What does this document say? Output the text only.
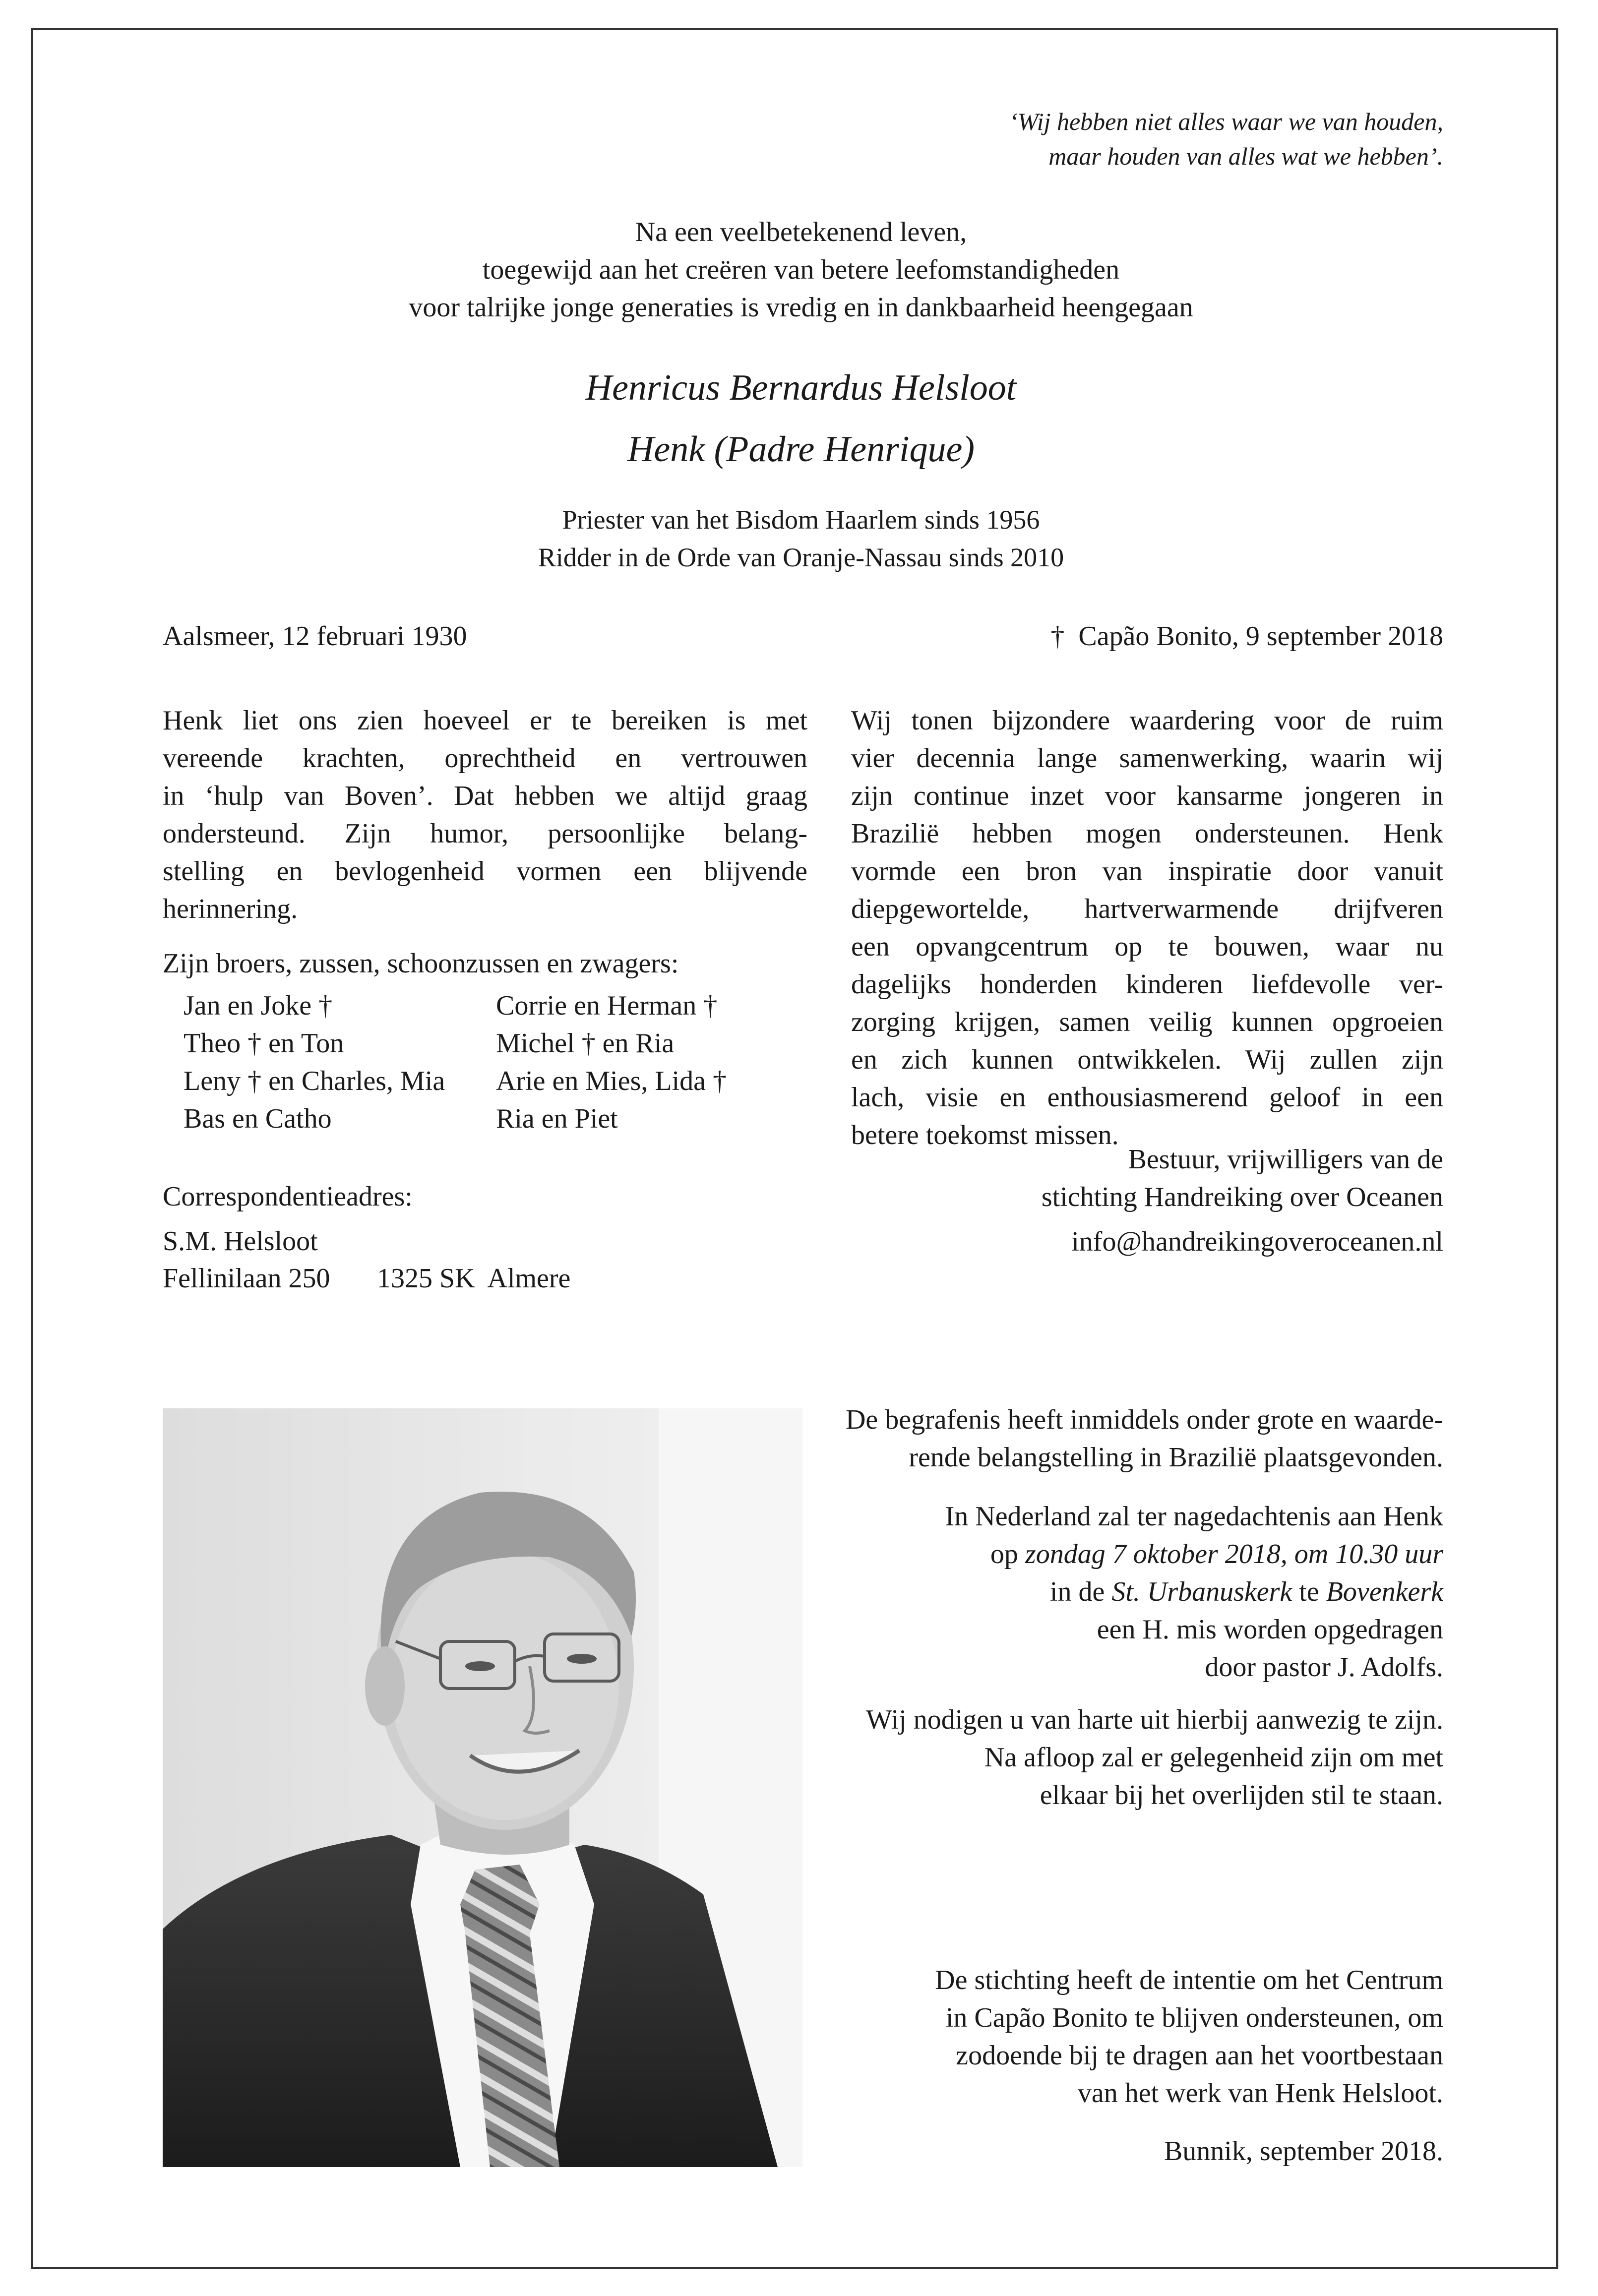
‘Wij hebben niet alles waar we van houden,
maar houden van alles wat we hebben’.
Na een veelbetekenend leven,
toegewijd aan het creëren van betere leefomstandigheden
voor talrijke jonge generaties is vredig en in dankbaarheid heengegaan
Henricus Bernardus Helsloot
Henk (Padre Henrique)
Priester van het Bisdom Haarlem sinds 1956
Ridder in de Orde van Oranje-Nassau sinds 2010
Aalsmeer, 12 februari 1930	† Capão Bonito, 9 september 2018
Henk liet ons zien hoeveel er te bereiken is met
vereende krachten, oprechtheid en vertrouwen
in ‘hulp van Boven’. Dat hebben we altijd graag
ondersteund. Zijn humor, persoonlijke belang-
stelling en bevlogenheid vormen een blijvende
herinnering.
Zijn broers, zussen, schoonzussen en zwagers:
Jan en Joke †	Corrie en Herman †
Theo † en Ton	Michel † en Ria
Leny † en Charles, Mia	Arie en Mies, Lida †
Bas en Catho	Ria en Piet
Correspondentieadres:
S.M. Helsloot
Fellinilaan 250 1325 SK  Almere
Wij tonen bijzondere waardering voor de ruim
vier decennia lange samenwerking, waarin wij
zijn continue inzet voor kansarme jongeren in
Brazilië hebben mogen ondersteunen. Henk
vormde een bron van inspiratie door vanuit
diepgewortelde, hartverwarmende drijfveren
een opvangcentrum op te bouwen, waar nu
dagelijks honderden kinderen liefdevolle ver-
zorging krijgen, samen veilig kunnen opgroeien
en zich kunnen ontwikkelen. Wij zullen zijn
lach, visie en enthousiasmerend geloof in een
betere toekomst missen.
Bestuur, vrijwilligers van de
stichting Handreiking over Oceanen
info@handreikingoveroceanen.nl
De begrafenis heeft inmiddels onder grote en waarde-
rende belangstelling in Brazilië plaatsgevonden.
In Nederland zal ter nagedachtenis aan Henk
op zondag 7 oktober 2018, om 10.30 uur
in de St. Urbanuskerk te Bovenkerk
een H. mis worden opgedragen
door pastor J. Adolfs.
Wij nodigen u van harte uit hierbij aanwezig te zijn.
Na afloop zal er gelegenheid zijn om met
elkaar bij het overlijden stil te staan.
De stichting heeft de intentie om het Centrum
in Capão Bonito te blijven ondersteunen, om
zodoende bij te dragen aan het voortbestaan
van het werk van Henk Helsloot.
Bunnik, september 2018.
